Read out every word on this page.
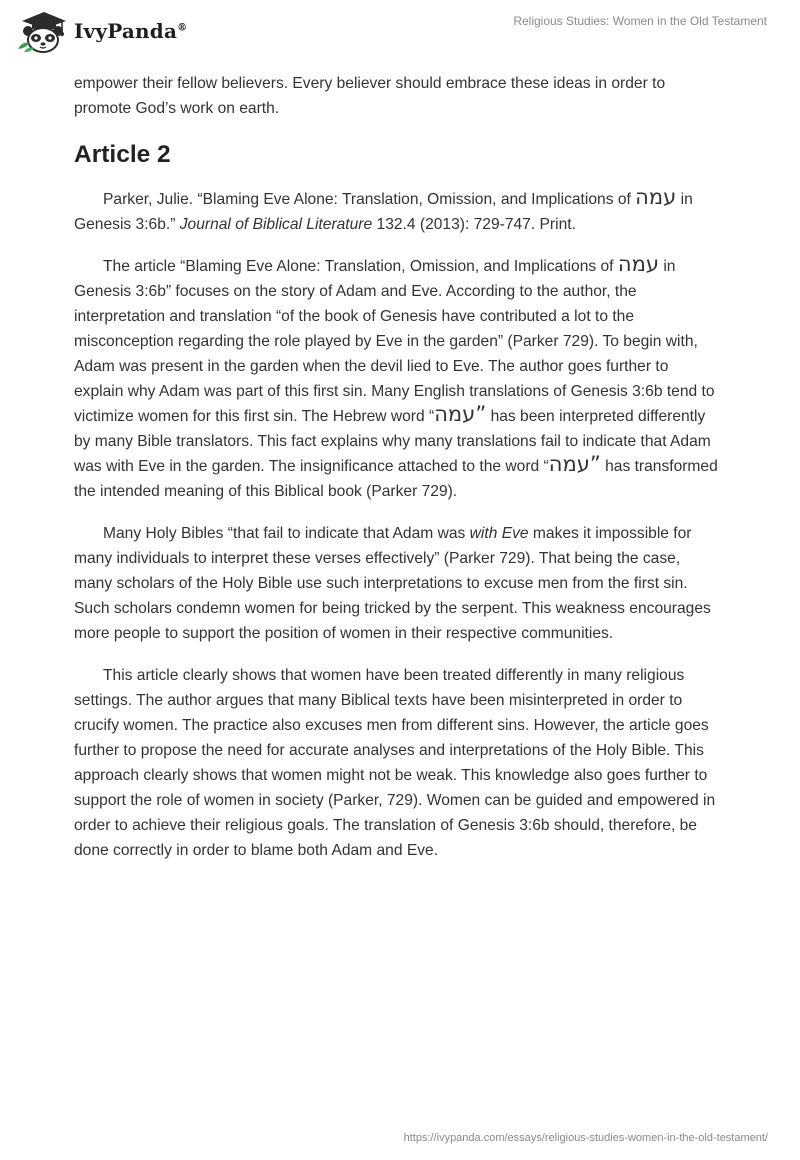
IvyPanda®	Religious Studies: Women in the Old Testament

empower their fellow believers. Every believer should embrace these ideas in order to promote God’s work on earth.

Article 2

Parker, Julie. “Blaming Eve Alone: Translation, Omission, and Implications of עמה in Genesis 3:6b.” Journal of Biblical Literature 132.4 (2013): 729-747. Print.

The article “Blaming Eve Alone: Translation, Omission, and Implications of עמה in Genesis 3:6b” focuses on the story of Adam and Eve. According to the author, the interpretation and translation “of the book of Genesis have contributed a lot to the misconception regarding the role played by Eve in the garden” (Parker 729). To begin with, Adam was present in the garden when the devil lied to Eve. The author goes further to explain why Adam was part of this first sin. Many English translations of Genesis 3:6b tend to victimize women for this first sin. The Hebrew word “עמה” has been interpreted differently by many Bible translators. This fact explains why many translations fail to indicate that Adam was with Eve in the garden. The insignificance attached to the word “עמה” has transformed the intended meaning of this Biblical book (Parker 729).

Many Holy Bibles “that fail to indicate that Adam was with Eve makes it impossible for many individuals to interpret these verses effectively” (Parker 729). That being the case, many scholars of the Holy Bible use such interpretations to excuse men from the first sin. Such scholars condemn women for being tricked by the serpent. This weakness encourages more people to support the position of women in their respective communities.

This article clearly shows that women have been treated differently in many religious settings. The author argues that many Biblical texts have been misinterpreted in order to crucify women. The practice also excuses men from different sins. However, the article goes further to propose the need for accurate analyses and interpretations of the Holy Bible. This approach clearly shows that women might not be weak. This knowledge also goes further to support the role of women in society (Parker, 729). Women can be guided and empowered in order to achieve their religious goals. The translation of Genesis 3:6b should, therefore, be done correctly in order to blame both Adam and Eve.

https://ivypanda.com/essays/religious-studies-women-in-the-old-testament/
